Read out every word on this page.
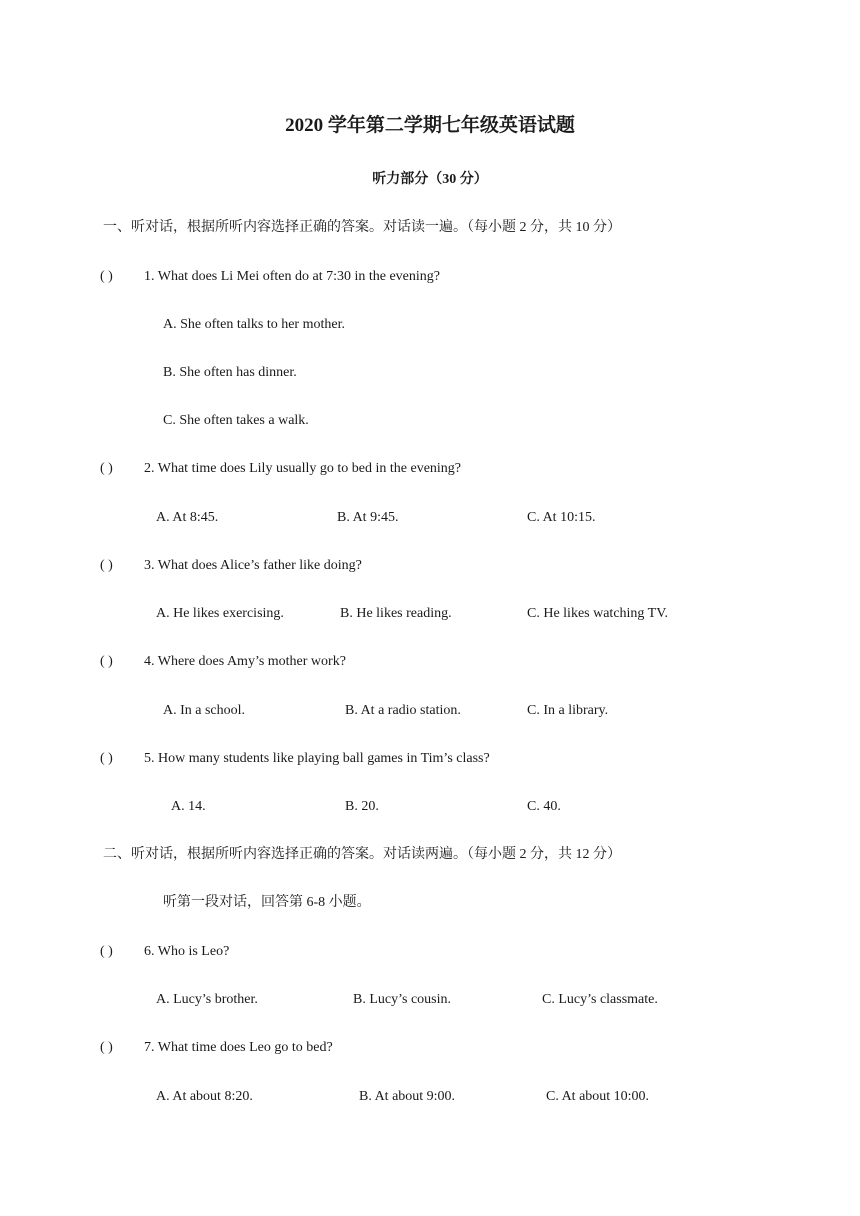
2020 学年第二学期七年级英语试题
听力部分（30 分）
一、听对话，根据所听内容选择正确的答案。对话读一遍。（每小题 2 分，共 10 分）
( ) 1. What does Li Mei often do at 7:30 in the evening?
A. She often talks to her mother.
B. She often has dinner.
C. She often takes a walk.
( ) 2. What time does Lily usually go to bed in the evening?
A. At 8:45.	B. At 9:45.	C. At 10:15.
( ) 3. What does Alice’s father like doing?
A. He likes exercising.	B. He likes reading.	C. He likes watching TV.
( ) 4. Where does Amy’s mother work?
A. In a school.	B. At a radio station.	C. In a library.
( ) 5. How many students like playing ball games in Tim’s class?
A. 14.	B. 20.	C. 40.
二、听对话，根据所听内容选择正确的答案。对话读两遍。（每小题 2 分，共 12 分）
听第一段对话，回答第 6-8 小题。
( ) 6. Who is Leo?
A. Lucy’s brother.	B. Lucy’s cousin.	C. Lucy’s classmate.
( ) 7. What time does Leo go to bed?
A. At about 8:20.	B. At about 9:00.	C. At about 10:00.
